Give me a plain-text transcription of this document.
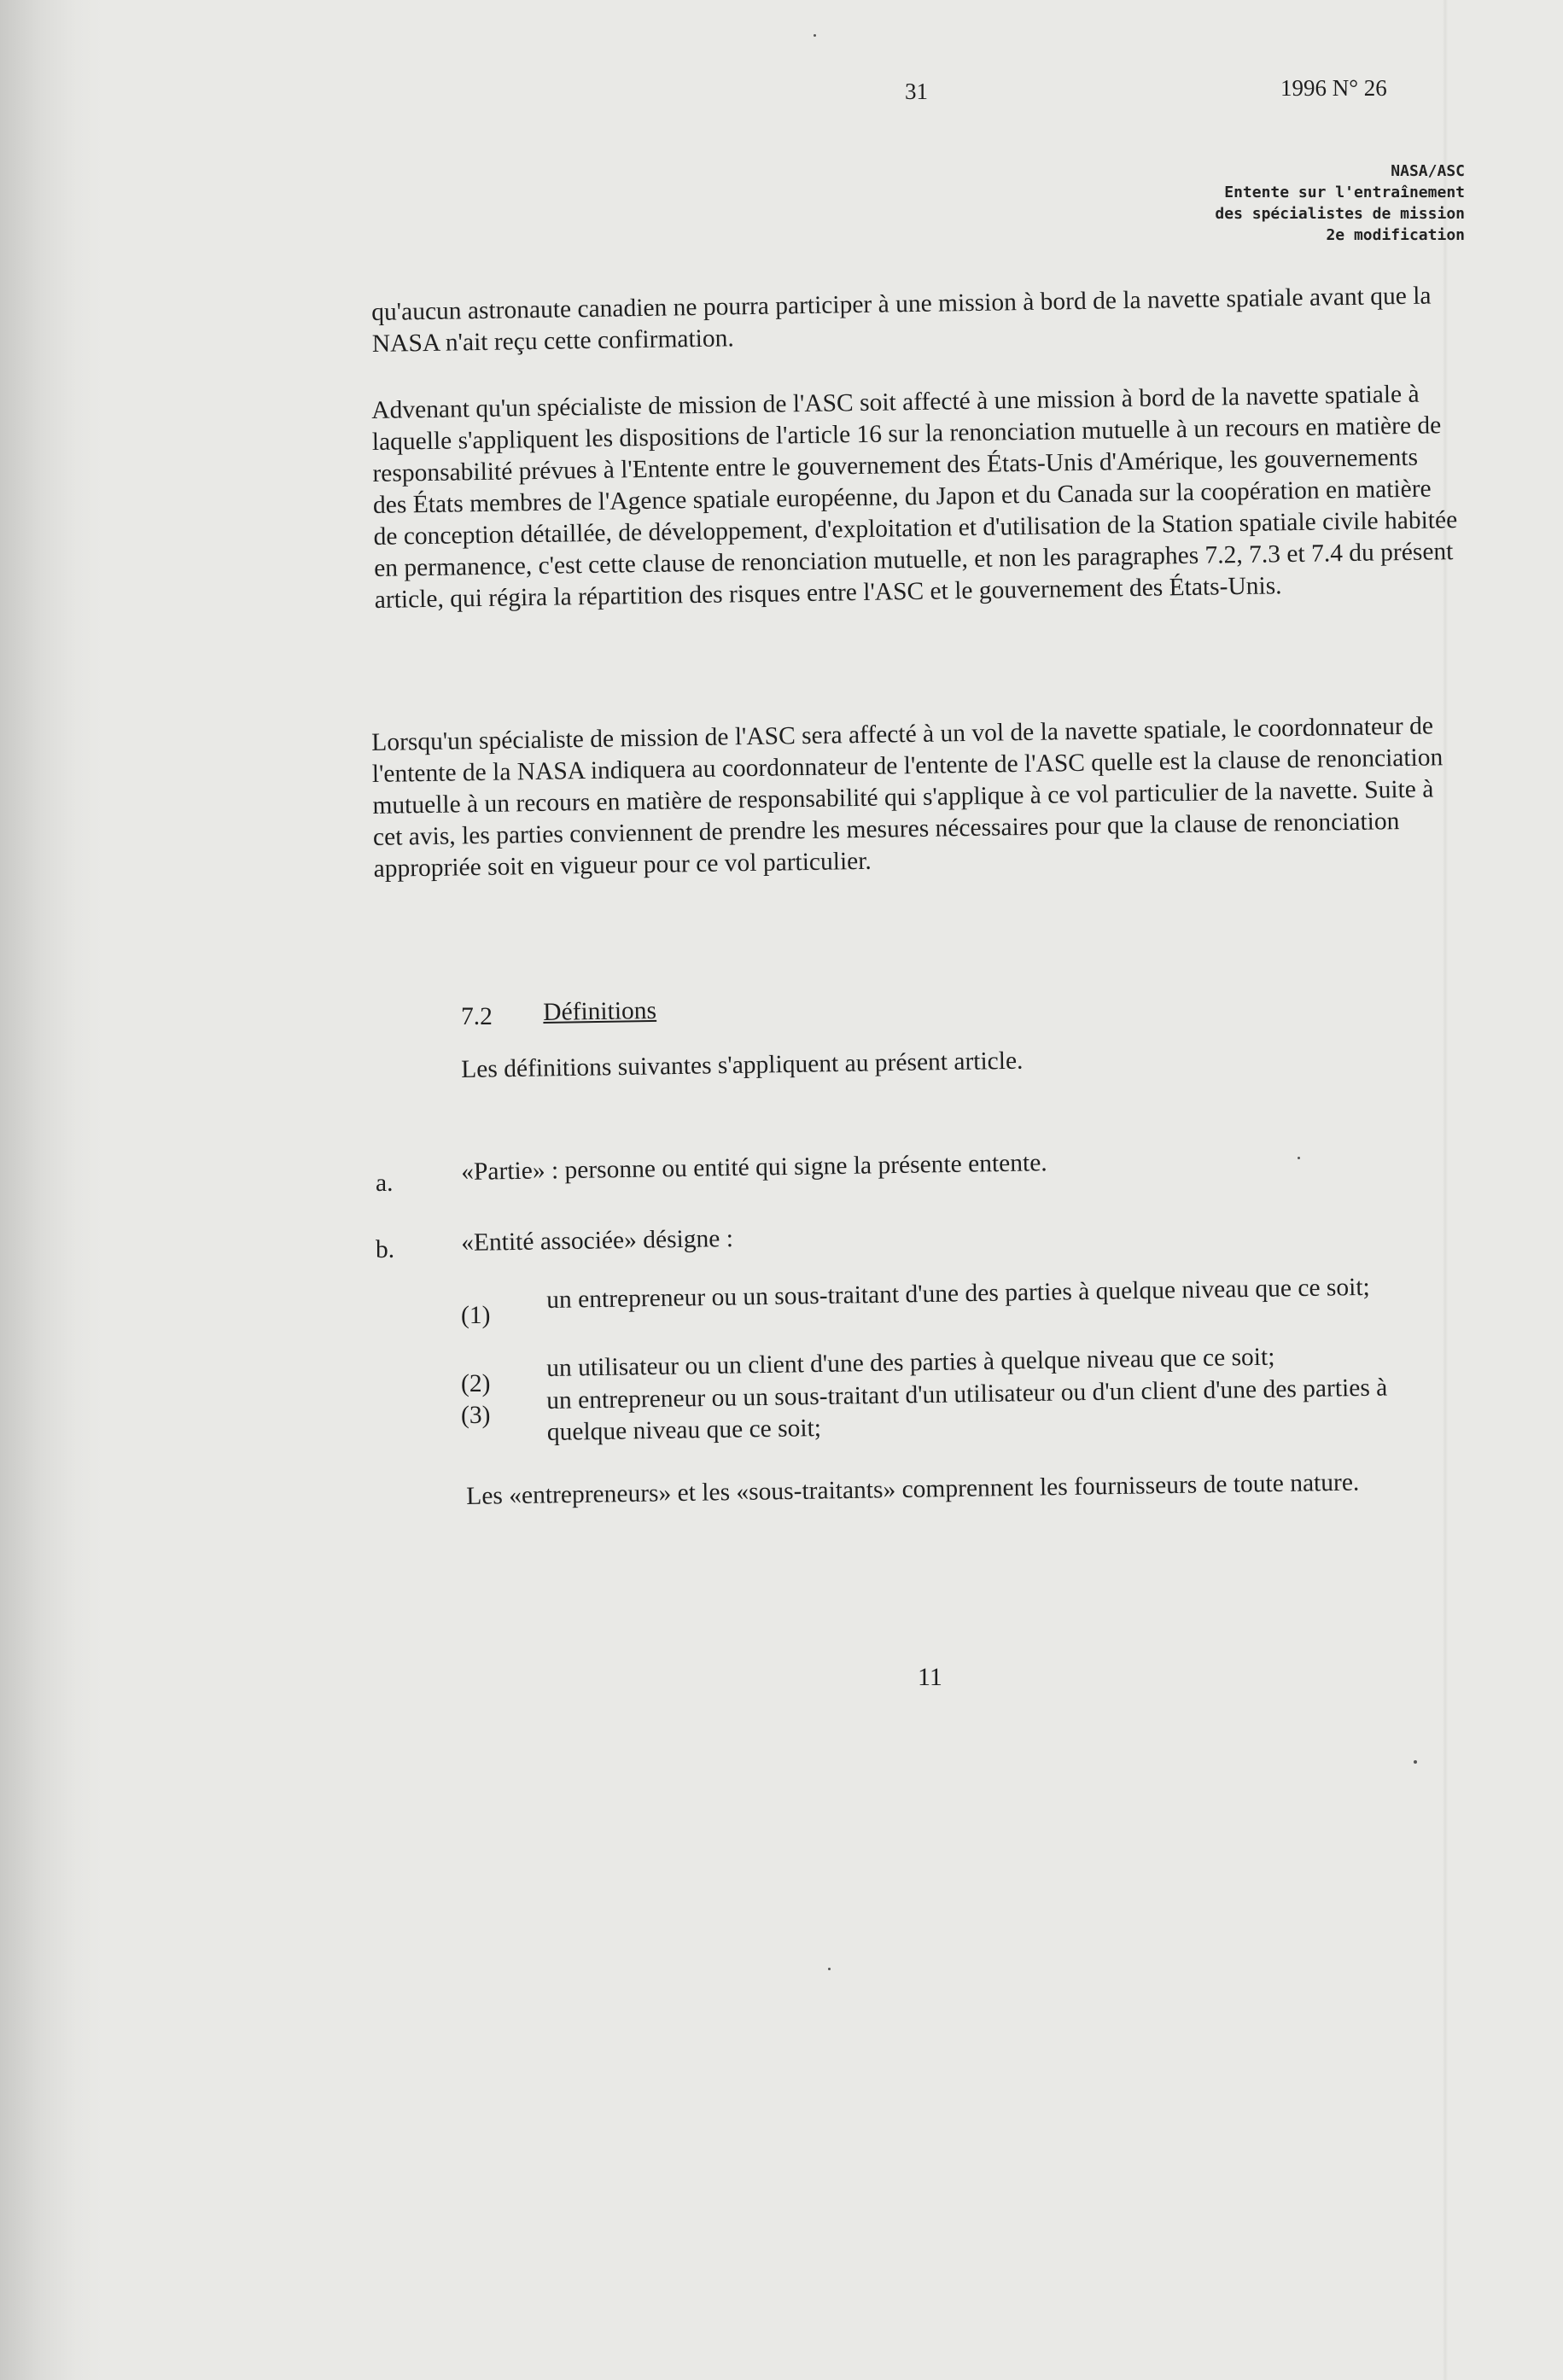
31	1996 N° 26
NASA/ASC
Entente sur l'entraînement
des spécialistes de mission
2e modification
qu'aucun astronaute canadien ne pourra participer à une mission à bord de la navette spatiale avant que la NASA n'ait reçu cette confirmation.
Advenant qu'un spécialiste de mission de l'ASC soit affecté à une mission à bord de la navette spatiale à laquelle s'appliquent les dispositions de l'article 16 sur la renonciation mutuelle à un recours en matière de responsabilité prévues à l'Entente entre le gouvernement des États-Unis d'Amérique, les gouvernements des États membres de l'Agence spatiale européenne, du Japon et du Canada sur la coopération en matière de conception détaillée, de développement, d'exploitation et d'utilisation de la Station spatiale civile habitée en permanence, c'est cette clause de renonciation mutuelle, et non les paragraphes 7.2, 7.3 et 7.4 du présent article, qui régira la répartition des risques entre l'ASC et le gouvernement des États-Unis.
Lorsqu'un spécialiste de mission de l'ASC sera affecté à un vol de la navette spatiale, le coordonnateur de l'entente de la NASA indiquera au coordonnateur de l'entente de l'ASC quelle est la clause de renonciation mutuelle à un recours en matière de responsabilité qui s'applique à ce vol particulier de la navette. Suite à cet avis, les parties conviennent de prendre les mesures nécessaires pour que la clause de renonciation appropriée soit en vigueur pour ce vol particulier.
7.2 Définitions
Les définitions suivantes s'appliquent au présent article.
a.	«Partie» : personne ou entité qui signe la présente entente.
b.	«Entité associée» désigne :
(1)
un entrepreneur ou un sous-traitant d'une des parties à quelque niveau que ce soit;
(2)
un utilisateur ou un client d'une des parties à quelque niveau que ce soit;
(3)
un entrepreneur ou un sous-traitant d'un utilisateur ou d'un client d'une des parties à quelque niveau que ce soit;
Les «entrepreneurs» et les «sous-traitants» comprennent les fournisseurs de toute nature.
11
